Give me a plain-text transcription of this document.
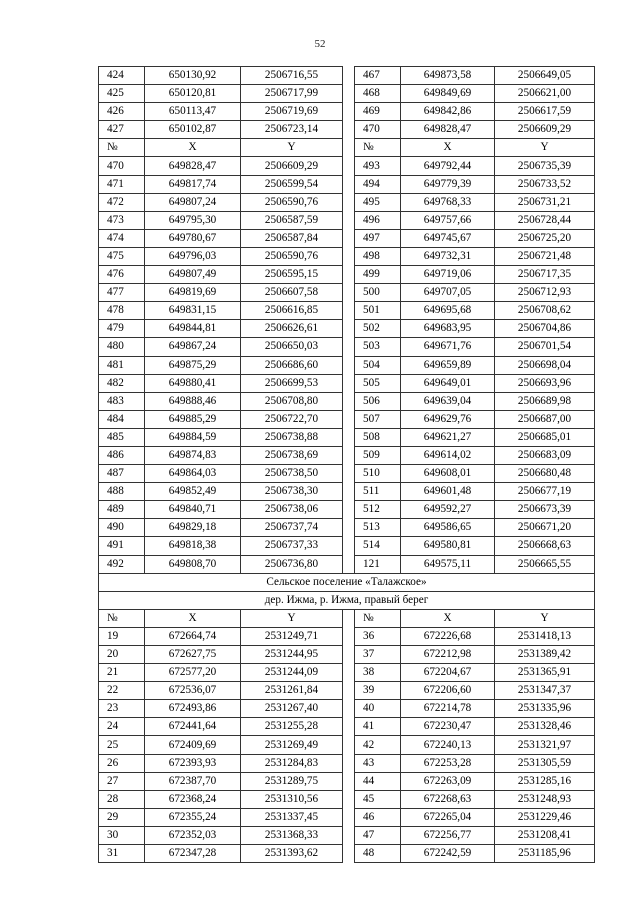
52
424	650130,92	2506716,55		467	649873,58	2506649,05
425	650120,81	2506717,99		468	649849,69	2506621,00
426	650113,47	2506719,69		469	649842,86	2506617,59
427	650102,87	2506723,14		470	649828,47	2506609,29
№	X	Y		№	X	Y
470	649828,47	2506609,29		493	649792,44	2506735,39
471	649817,74	2506599,54		494	649779,39	2506733,52
472	649807,24	2506590,76		495	649768,33	2506731,21
473	649795,30	2506587,59		496	649757,66	2506728,44
474	649780,67	2506587,84		497	649745,67	2506725,20
475	649796,03	2506590,76		498	649732,31	2506721,48
476	649807,49	2506595,15		499	649719,06	2506717,35
477	649819,69	2506607,58		500	649707,05	2506712,93
478	649831,15	2506616,85		501	649695,68	2506708,62
479	649844,81	2506626,61		502	649683,95	2506704,86
480	649867,24	2506650,03		503	649671,76	2506701,54
481	649875,29	2506686,60		504	649659,89	2506698,04
482	649880,41	2506699,53		505	649649,01	2506693,96
483	649888,46	2506708,80		506	649639,04	2506689,98
484	649885,29	2506722,70		507	649629,76	2506687,00
485	649884,59	2506738,88		508	649621,27	2506685,01
486	649874,83	2506738,69		509	649614,02	2506683,09
487	649864,03	2506738,50		510	649608,01	2506680,48
488	649852,49	2506738,30		511	649601,48	2506677,19
489	649840,71	2506738,06		512	649592,27	2506673,39
490	649829,18	2506737,74		513	649586,65	2506671,20
491	649818,38	2506737,33		514	649580,81	2506668,63
492	649808,70	2506736,80		121	649575,11	2506665,55
Сельское поселение «Талажское»						
дер. Ижма, р. Ижма, правый берег						
№	X	Y		№	X	Y
19	672664,74	2531249,71		36	672226,68	2531418,13
20	672627,75	2531244,95		37	672212,98	2531389,42
21	672577,20	2531244,09		38	672204,67	2531365,91
22	672536,07	2531261,84		39	672206,60	2531347,37
23	672493,86	2531267,40		40	672214,78	2531335,96
24	672441,64	2531255,28		41	672230,47	2531328,46
25	672409,69	2531269,49		42	672240,13	2531321,97
26	672393,93	2531284,83		43	672253,28	2531305,59
27	672387,70	2531289,75		44	672263,09	2531285,16
28	672368,24	2531310,56		45	672268,63	2531248,93
29	672355,24	2531337,45		46	672265,04	2531229,46
30	672352,03	2531368,33		47	672256,77	2531208,41
31	672347,28	2531393,62		48	672242,59	2531185,96
